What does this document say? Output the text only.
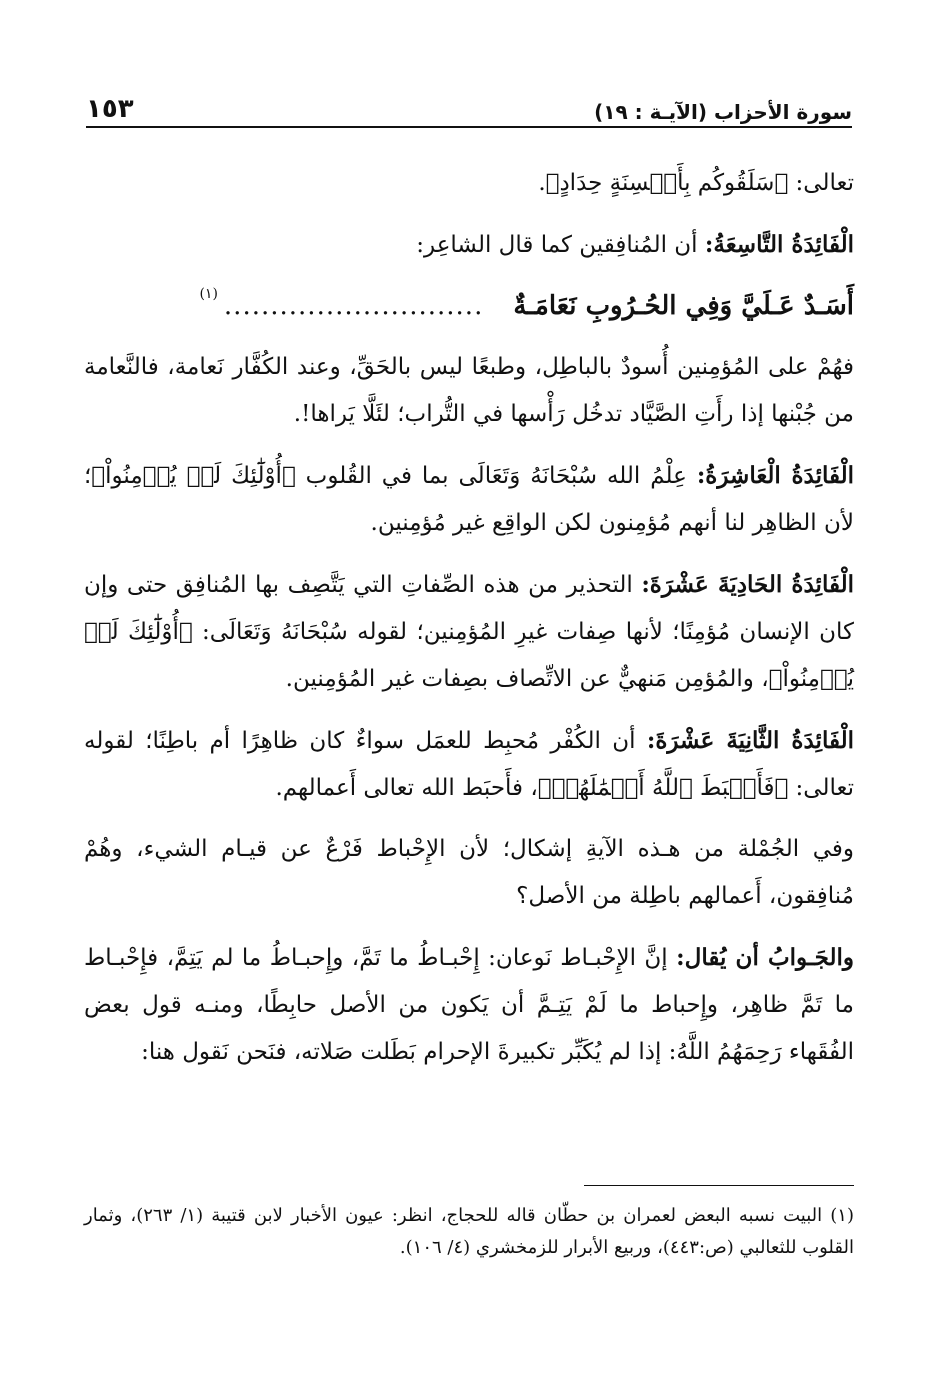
١٥٣	سورة الأحزاب (الآيـة : ١٩)

تعالى: ﴿سَلَقُوكُم بِأَلۡسِنَةٍ حِدَادٍ﴾.

الْفَائِدَةُ التَّاسِعَةُ: أن المُنافِقين كما قال الشاعِر:

أَسَـدٌ عَـلَيَّ وَفِي الحُـرُوبِ نَعَامَـةٌ
............................
(١)

فهُمْ على المُؤمِنين أُسودٌ بالباطِل، وطبعًا ليس بالحَقِّ، وعند الكُفَّار نَعامة، فالنَّعامة من جُبْنها إذا رأَتِ الصَّيَّاد تدخُل رَأْسها في التُّراب؛ لئَلَّا يَراها!.

الْفَائِدَةُ الْعَاشِرَةُ: عِلْمُ الله سُبْحَانَهُ وَتَعَالَى بما في القُلوب ﴿أُوْلَٰٓئِكَ لَمۡ يُؤۡمِنُواْ﴾؛ لأن الظاهِر لنا أنهم مُؤمِنون لكن الواقِع غير مُؤمِنين.

الْفَائِدَةُ الحَادِيَةَ عَشْرَةَ: التحذير من هذه الصِّفاتِ التي يَتَّصِف بها المُنافِق حتى وإن كان الإنسان مُؤمِنًا؛ لأنها صِفات غيرِ المُؤمِنين؛ لقوله سُبْحَانَهُ وَتَعَالَى: ﴿أُوْلَٰٓئِكَ لَمۡ يُؤۡمِنُواْ﴾، والمُؤمِن مَنهيٌّ عن الاتِّصاف بصِفات غير المُؤمِنين.

الْفَائِدَةُ الثَّانِيَةَ عَشْرَةَ: أن الكُفْر مُحبِط للعمَل سواءٌ كان ظاهِرًا أم باطِنًا؛ لقوله تعالى: ﴿فَأَحۡبَطَ ٱللَّهُ أَعۡمَٰلَهُمۡ﴾، فأَحبَط الله تعالى أَعمالهم.

وفي الجُمْلة من هـذه الآيةِ إشكال؛ لأن الإِحْباط فَرْعٌ عن قيـام الشيء، وهُمْ مُنافِقون، أَعمالهم باطِلة من الأصل؟

والجَـوابُ أن يُقال: إنَّ الإِحْبـاط نَوعان: إِحْبـاطُ ما تَمَّ، وإِحبـاطُ ما لم يَتِمَّ، فإِحْبـاط ما تَمَّ ظاهِر، وإِحباط ما لَمْ يَتِـمَّ أن يَكون من الأصل حابِطًا، ومنـه قول بعض الفُقَهاء رَحِمَهُمُ اللَّهُ: إذا لم يُكَبِّر تكبيرةَ الإحرام بَطَلت صَلاته، فنَحن نَقول هنا:

(١) البيت نسبه البعض لعمران بن حطّان قاله للحجاج، انظر: عيون الأخبار لابن قتيبة (١/ ٢٦٣)، وثمار القلوب للثعالبي (ص:٤٤٣)، وربيع الأبرار للزمخشري (٤/ ١٠٦).
